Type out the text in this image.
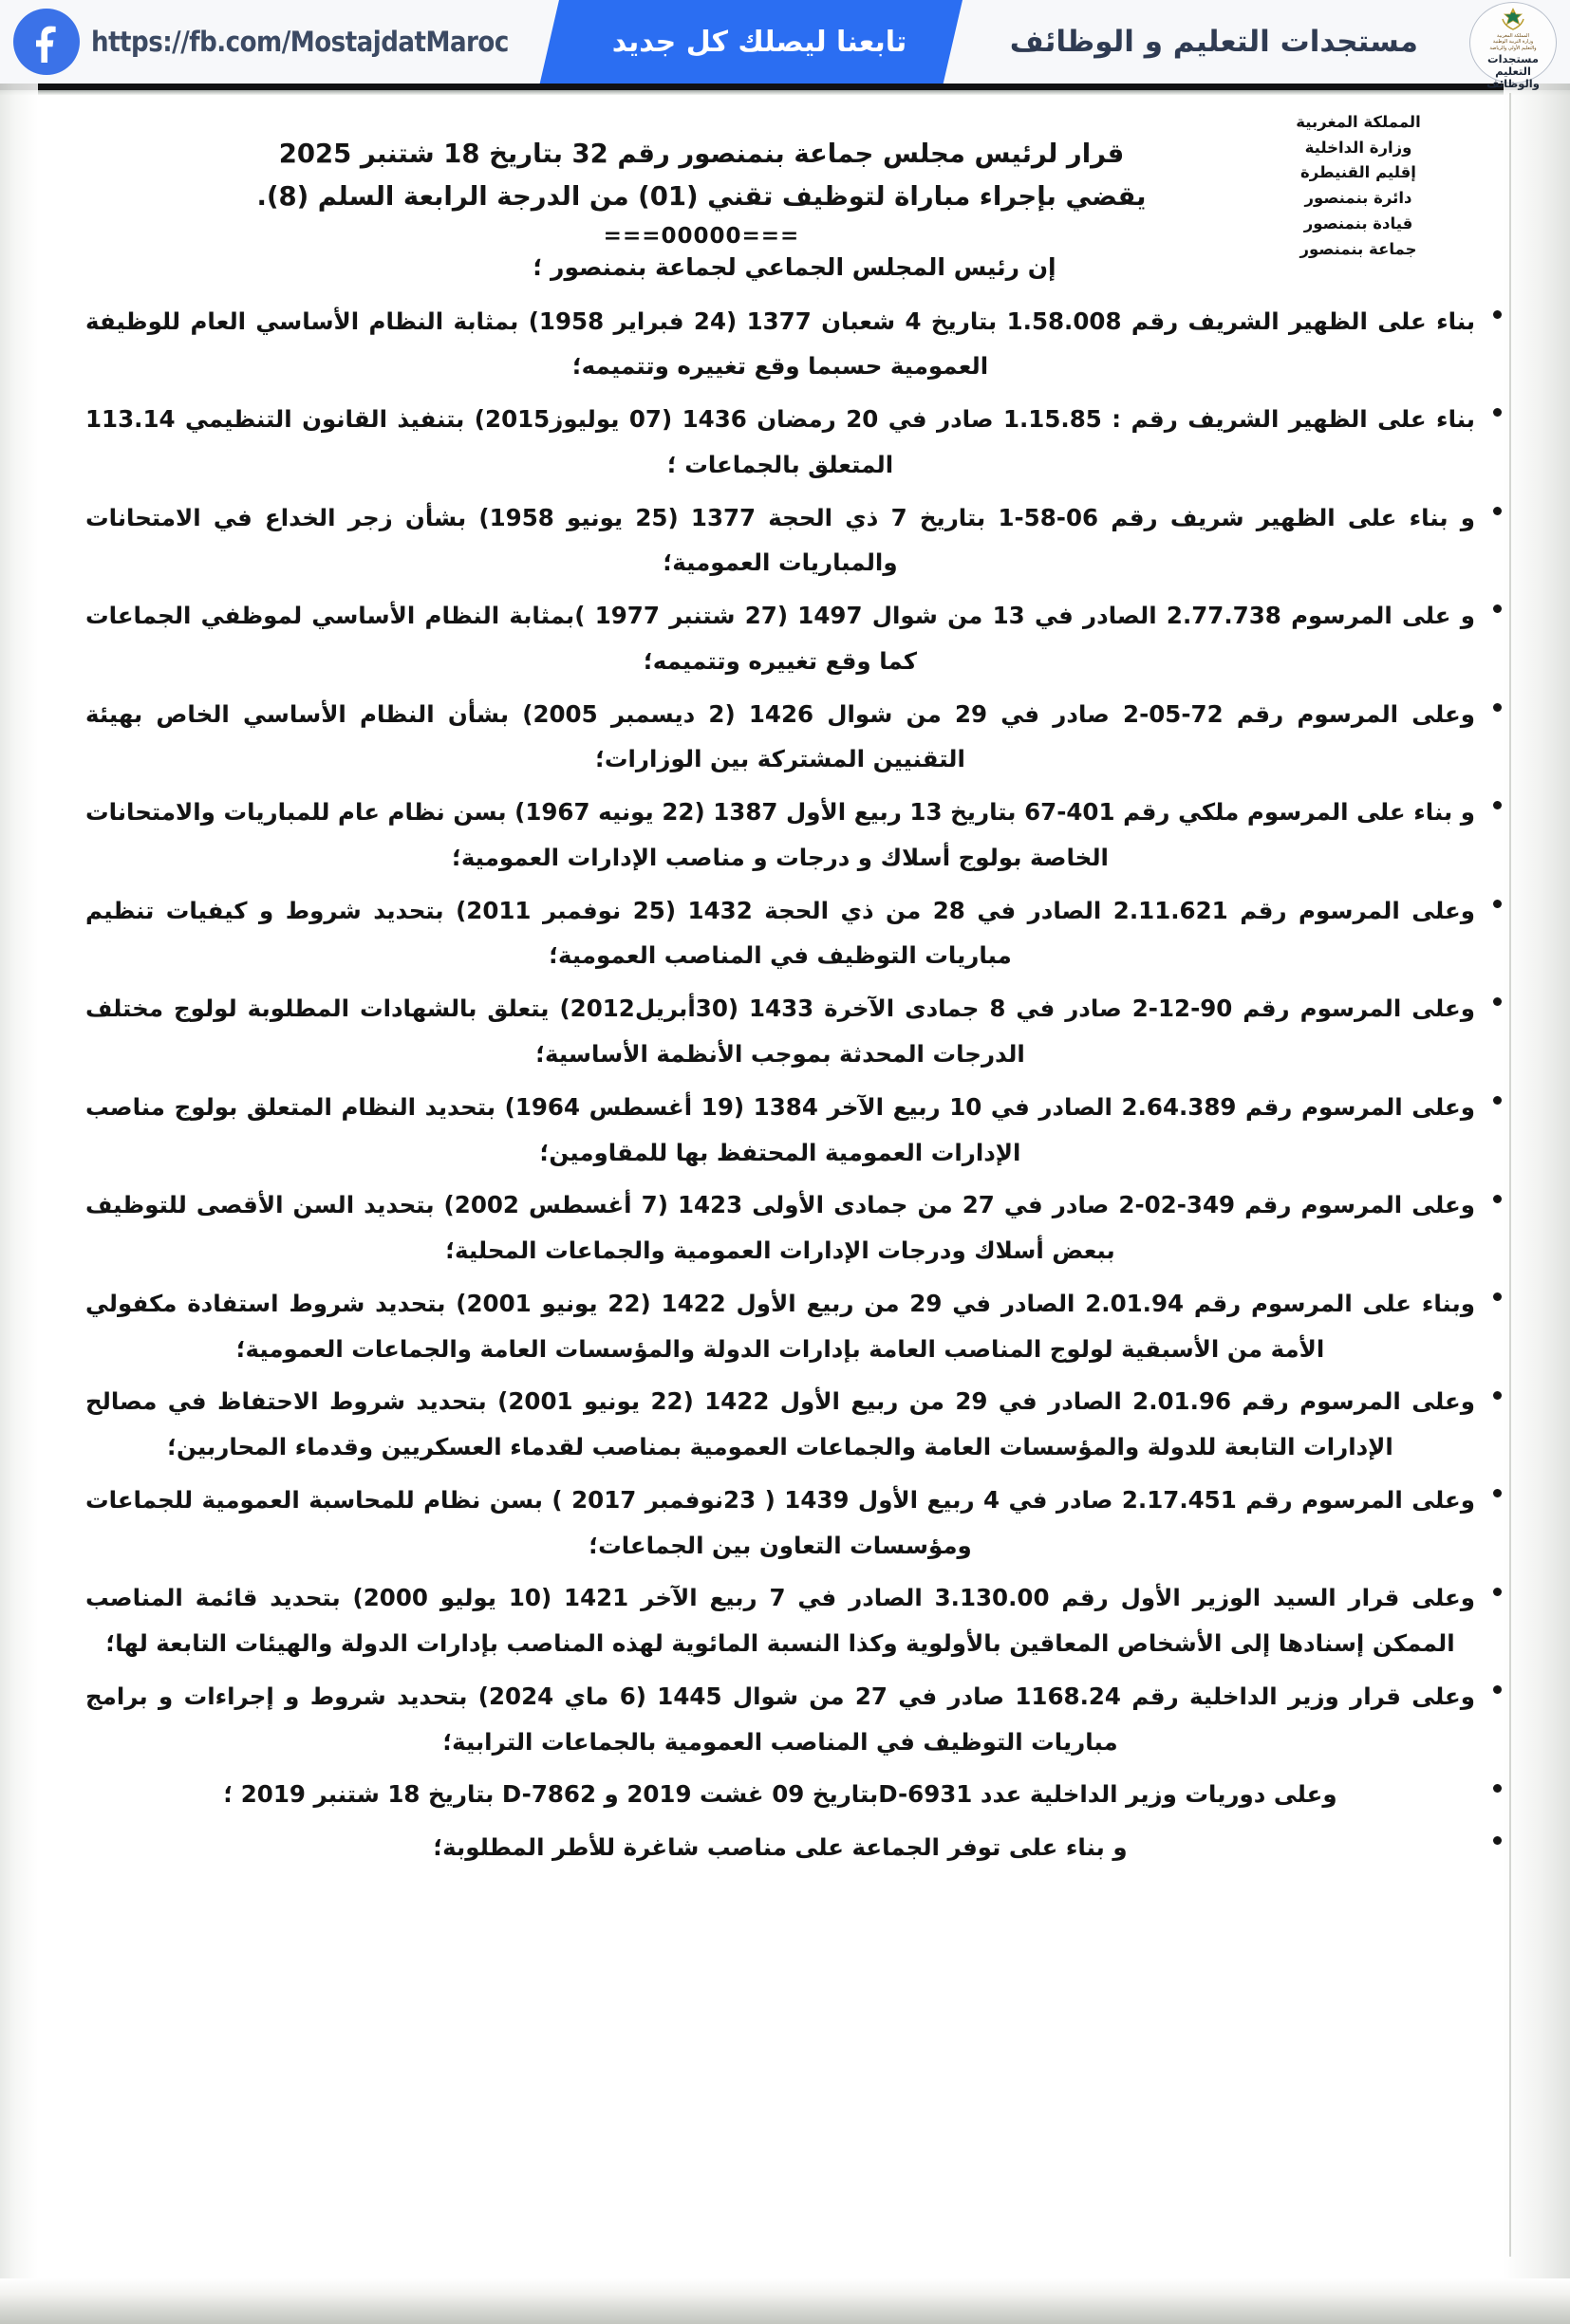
https://fb.com/MostajdatMaroc	تابعنا ليصلك كل جديد	مستجدات التعليم و الوظائف	المملكة المغربية
وزارة التربية الوطنية
والتعليم الأولي والرياضة
مستجدات التعليم
والوظائف
المملكة المغربية
وزارة الداخلية
إقليم القنيطرة
دائرة بنمنصور
قيادة بنمنصور
جماعة بنمنصور
قرار لرئيس مجلس جماعة بنمنصور رقم 32 بتاريخ 18 شتنبر 2025
يقضي بإجراء مباراة لتوظيف تقني (01) من الدرجة الرابعة السلم (8).
===00000===

إن رئيس المجلس الجماعي لجماعة بنمنصور ؛

بناء على الظهير الشريف رقم 1.58.008 بتاريخ 4 شعبان 1377 (24 فبراير 1958) بمثابة النظام الأساسي العام للوظيفة العمومية حسبما وقع تغييره وتتميمه؛
بناء على الظهير الشريف رقم : 1.15.85 صادر في 20 رمضان 1436 (07 يوليوز2015) بتنفيذ القانون التنظيمي 113.14 المتعلق بالجماعات ؛
و بناء على الظهير شريف رقم 06-58-1 بتاريخ 7 ذي الحجة 1377 (25 يونيو 1958) بشأن زجر الخداع في الامتحانات والمباريات العمومية؛
و على المرسوم 2.77.738 الصادر في 13 من شوال 1497 (27 شتنبر 1977 )بمثابة النظام الأساسي لموظفي الجماعات كما وقع تغييره وتتميمه؛
وعلى المرسوم رقم 72-05-2 صادر في 29 من شوال 1426 (2 ديسمبر 2005) بشأن النظام الأساسي الخاص بهيئة التقنيين المشتركة بين الوزارات؛
و بناء على المرسوم ملكي رقم 401-67 بتاريخ 13 ربيع الأول 1387 (22 يونيه 1967) بسن نظام عام للمباريات والامتحانات الخاصة بولوج أسلاك و درجات و مناصب الإدارات العمومية؛
وعلى المرسوم رقم 2.11.621 الصادر في 28 من ذي الحجة 1432 (25 نوفمبر 2011) بتحديد شروط و كيفيات تنظيم مباريات التوظيف في المناصب العمومية؛
وعلى المرسوم رقم 90-12-2 صادر في 8 جمادى الآخرة 1433 (30أبريل2012) يتعلق بالشهادات المطلوبة لولوج مختلف الدرجات المحدثة بموجب الأنظمة الأساسية؛
وعلى المرسوم رقم 2.64.389 الصادر في 10 ربيع الآخر 1384 (19 أغسطس 1964) بتحديد النظام المتعلق بولوج مناصب الإدارات العمومية المحتفظ بها للمقاومين؛
وعلى المرسوم رقم 349-02-2 صادر في 27 من جمادى الأولى 1423 (7 أغسطس 2002) بتحديد السن الأقصى للتوظيف ببعض أسلاك ودرجات الإدارات العمومية والجماعات المحلية؛
وبناء على المرسوم رقم 2.01.94 الصادر في 29 من ربيع الأول 1422 (22 يونيو 2001) بتحديد شروط استفادة مكفولي الأمة من الأسبقية لولوج المناصب العامة بإدارات الدولة والمؤسسات العامة والجماعات العمومية؛
وعلى المرسوم رقم 2.01.96 الصادر في 29 من ربيع الأول 1422 (22 يونيو 2001) بتحديد شروط الاحتفاظ في مصالح الإدارات التابعة للدولة والمؤسسات العامة والجماعات العمومية بمناصب لقدماء العسكريين وقدماء المحاربين؛
وعلى المرسوم رقم 2.17.451 صادر في 4 ربيع الأول 1439 ( 23نوفمبر 2017 ) بسن نظام للمحاسبة العمومية للجماعات ومؤسسات التعاون بين الجماعات؛
وعلى قرار السيد الوزير الأول رقم 3.130.00 الصادر في 7 ربيع الآخر 1421 (10 يوليو 2000) بتحديد قائمة المناصب الممكن إسنادها إلى الأشخاص المعاقين بالأولوية وكذا النسبة المائوية لهذه المناصب بإدارات الدولة والهيئات التابعة لها؛
وعلى قرار وزير الداخلية رقم 1168.24 صادر في 27 من شوال 1445 (6 ماي 2024) بتحديد شروط و إجراءات و برامج مباريات التوظيف في المناصب العمومية بالجماعات الترابية؛
وعلى دوريات وزير الداخلية عدد D-6931بتاريخ 09 غشت 2019 و D-7862 بتاريخ 18 شتنبر 2019 ؛
و بناء على توفر الجماعة على مناصب شاغرة للأطر المطلوبة؛
